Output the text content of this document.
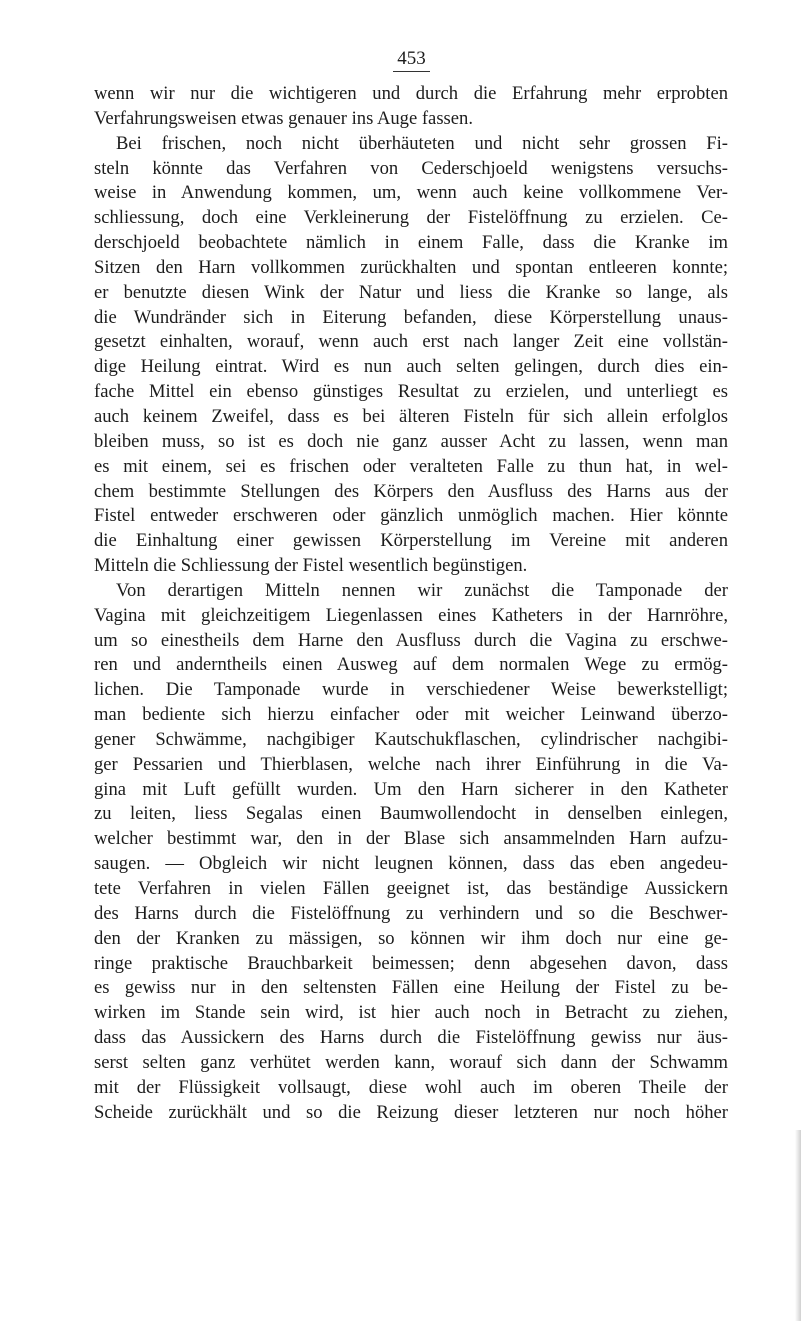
453
wenn wir nur die wichtigeren und durch die Erfahrung mehr erprobten
Verfahrungsweisen etwas genauer ins Auge fassen.
Bei frischen, noch nicht überhäuteten und nicht sehr grossen Fi-
steln könnte das Verfahren von Cederschjoeld wenigstens versuchs-
weise in Anwendung kommen, um, wenn auch keine vollkommene Ver-
schliessung, doch eine Verkleinerung der Fistelöffnung zu erzielen. Ce-
derschjoeld beobachtete nämlich in einem Falle, dass die Kranke im
Sitzen den Harn vollkommen zurückhalten und spontan entleeren konnte;
er benutzte diesen Wink der Natur und liess die Kranke so lange, als
die Wundränder sich in Eiterung befanden, diese Körperstellung unaus-
gesetzt einhalten, worauf, wenn auch erst nach langer Zeit eine vollstän-
dige Heilung eintrat. Wird es nun auch selten gelingen, durch dies ein-
fache Mittel ein ebenso günstiges Resultat zu erzielen, und unterliegt es
auch keinem Zweifel, dass es bei älteren Fisteln für sich allein erfolglos
bleiben muss, so ist es doch nie ganz ausser Acht zu lassen, wenn man
es mit einem, sei es frischen oder veralteten Falle zu thun hat, in wel-
chem bestimmte Stellungen des Körpers den Ausfluss des Harns aus der
Fistel entweder erschweren oder gänzlich unmöglich machen. Hier könnte
die Einhaltung einer gewissen Körperstellung im Vereine mit anderen
Mitteln die Schliessung der Fistel wesentlich begünstigen.
Von derartigen Mitteln nennen wir zunächst die Tamponade der
Vagina mit gleichzeitigem Liegenlassen eines Katheters in der Harnröhre,
um so einestheils dem Harne den Ausfluss durch die Vagina zu erschwe-
ren und anderntheils einen Ausweg auf dem normalen Wege zu ermög-
lichen. Die Tamponade wurde in verschiedener Weise bewerkstelligt;
man bediente sich hierzu einfacher oder mit weicher Leinwand überzo-
gener Schwämme, nachgibiger Kautschukflaschen, cylindrischer nachgibi-
ger Pessarien und Thierblasen, welche nach ihrer Einführung in die Va-
gina mit Luft gefüllt wurden. Um den Harn sicherer in den Katheter
zu leiten, liess Segalas einen Baumwollendocht in denselben einlegen,
welcher bestimmt war, den in der Blase sich ansammelnden Harn aufzu-
saugen. — Obgleich wir nicht leugnen können, dass das eben angedeu-
tete Verfahren in vielen Fällen geeignet ist, das beständige Aussickern
des Harns durch die Fistelöffnung zu verhindern und so die Beschwer-
den der Kranken zu mässigen, so können wir ihm doch nur eine ge-
ringe praktische Brauchbarkeit beimessen; denn abgesehen davon, dass
es gewiss nur in den seltensten Fällen eine Heilung der Fistel zu be-
wirken im Stande sein wird, ist hier auch noch in Betracht zu ziehen,
dass das Aussickern des Harns durch die Fistelöffnung gewiss nur äus-
serst selten ganz verhütet werden kann, worauf sich dann der Schwamm
mit der Flüssigkeit vollsaugt, diese wohl auch im oberen Theile der
Scheide zurückhält und so die Reizung dieser letzteren nur noch höher
